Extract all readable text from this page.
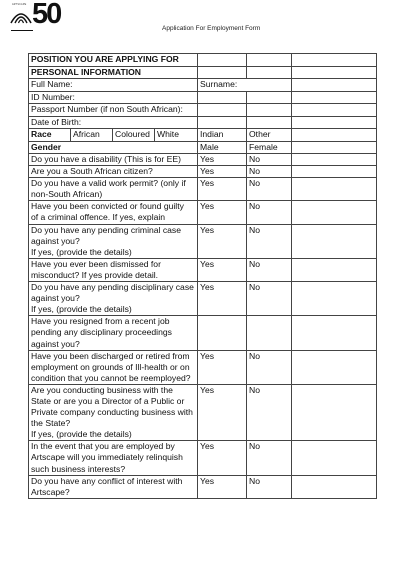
ARTSCAPE 50	Application For Employment Form
POSITION YOU ARE APPLYING FOR						
PERSONAL INFORMATION						
Full Name:				Surname:		
ID Number:						
Passport Number (if non South African):						
Date of Birth:						
Race	African	Coloured	White	Indian	Other	
Gender				Male	Female	

Do you have a disability (This is for EE)				Yes	No	

Are you a South African citizen?				Yes	No	

Do you have a valid work permit? (only if
non-South African)				Yes	No	

Have you been convicted or found guilty
of a criminal offence. If yes, explain				Yes	No	

Do you have any pending criminal case
against you?
If yes, (provide the details)				Yes	No	

Have you ever been dismissed for
misconduct? If yes provide detail.				Yes	No	

Do you have any pending disciplinary case
against you?
If yes, (provide the details)				Yes	No	

Have you resigned from a recent job
pending any disciplinary proceedings
against you?						

Have you been discharged or retired from
employment on grounds of Ill-health or on
condition that you cannot be reemployed?				Yes	No	

Are you conducting business with the
State or are you a Director of a Public or
Private company conducting business with
the State?
If yes, (provide the details)				Yes	No	

In the event that you are employed by
Artscape will you immediately relinquish
such business interests?				Yes	No	

Do you have any conflict of interest with
Artscape?				Yes	No	
